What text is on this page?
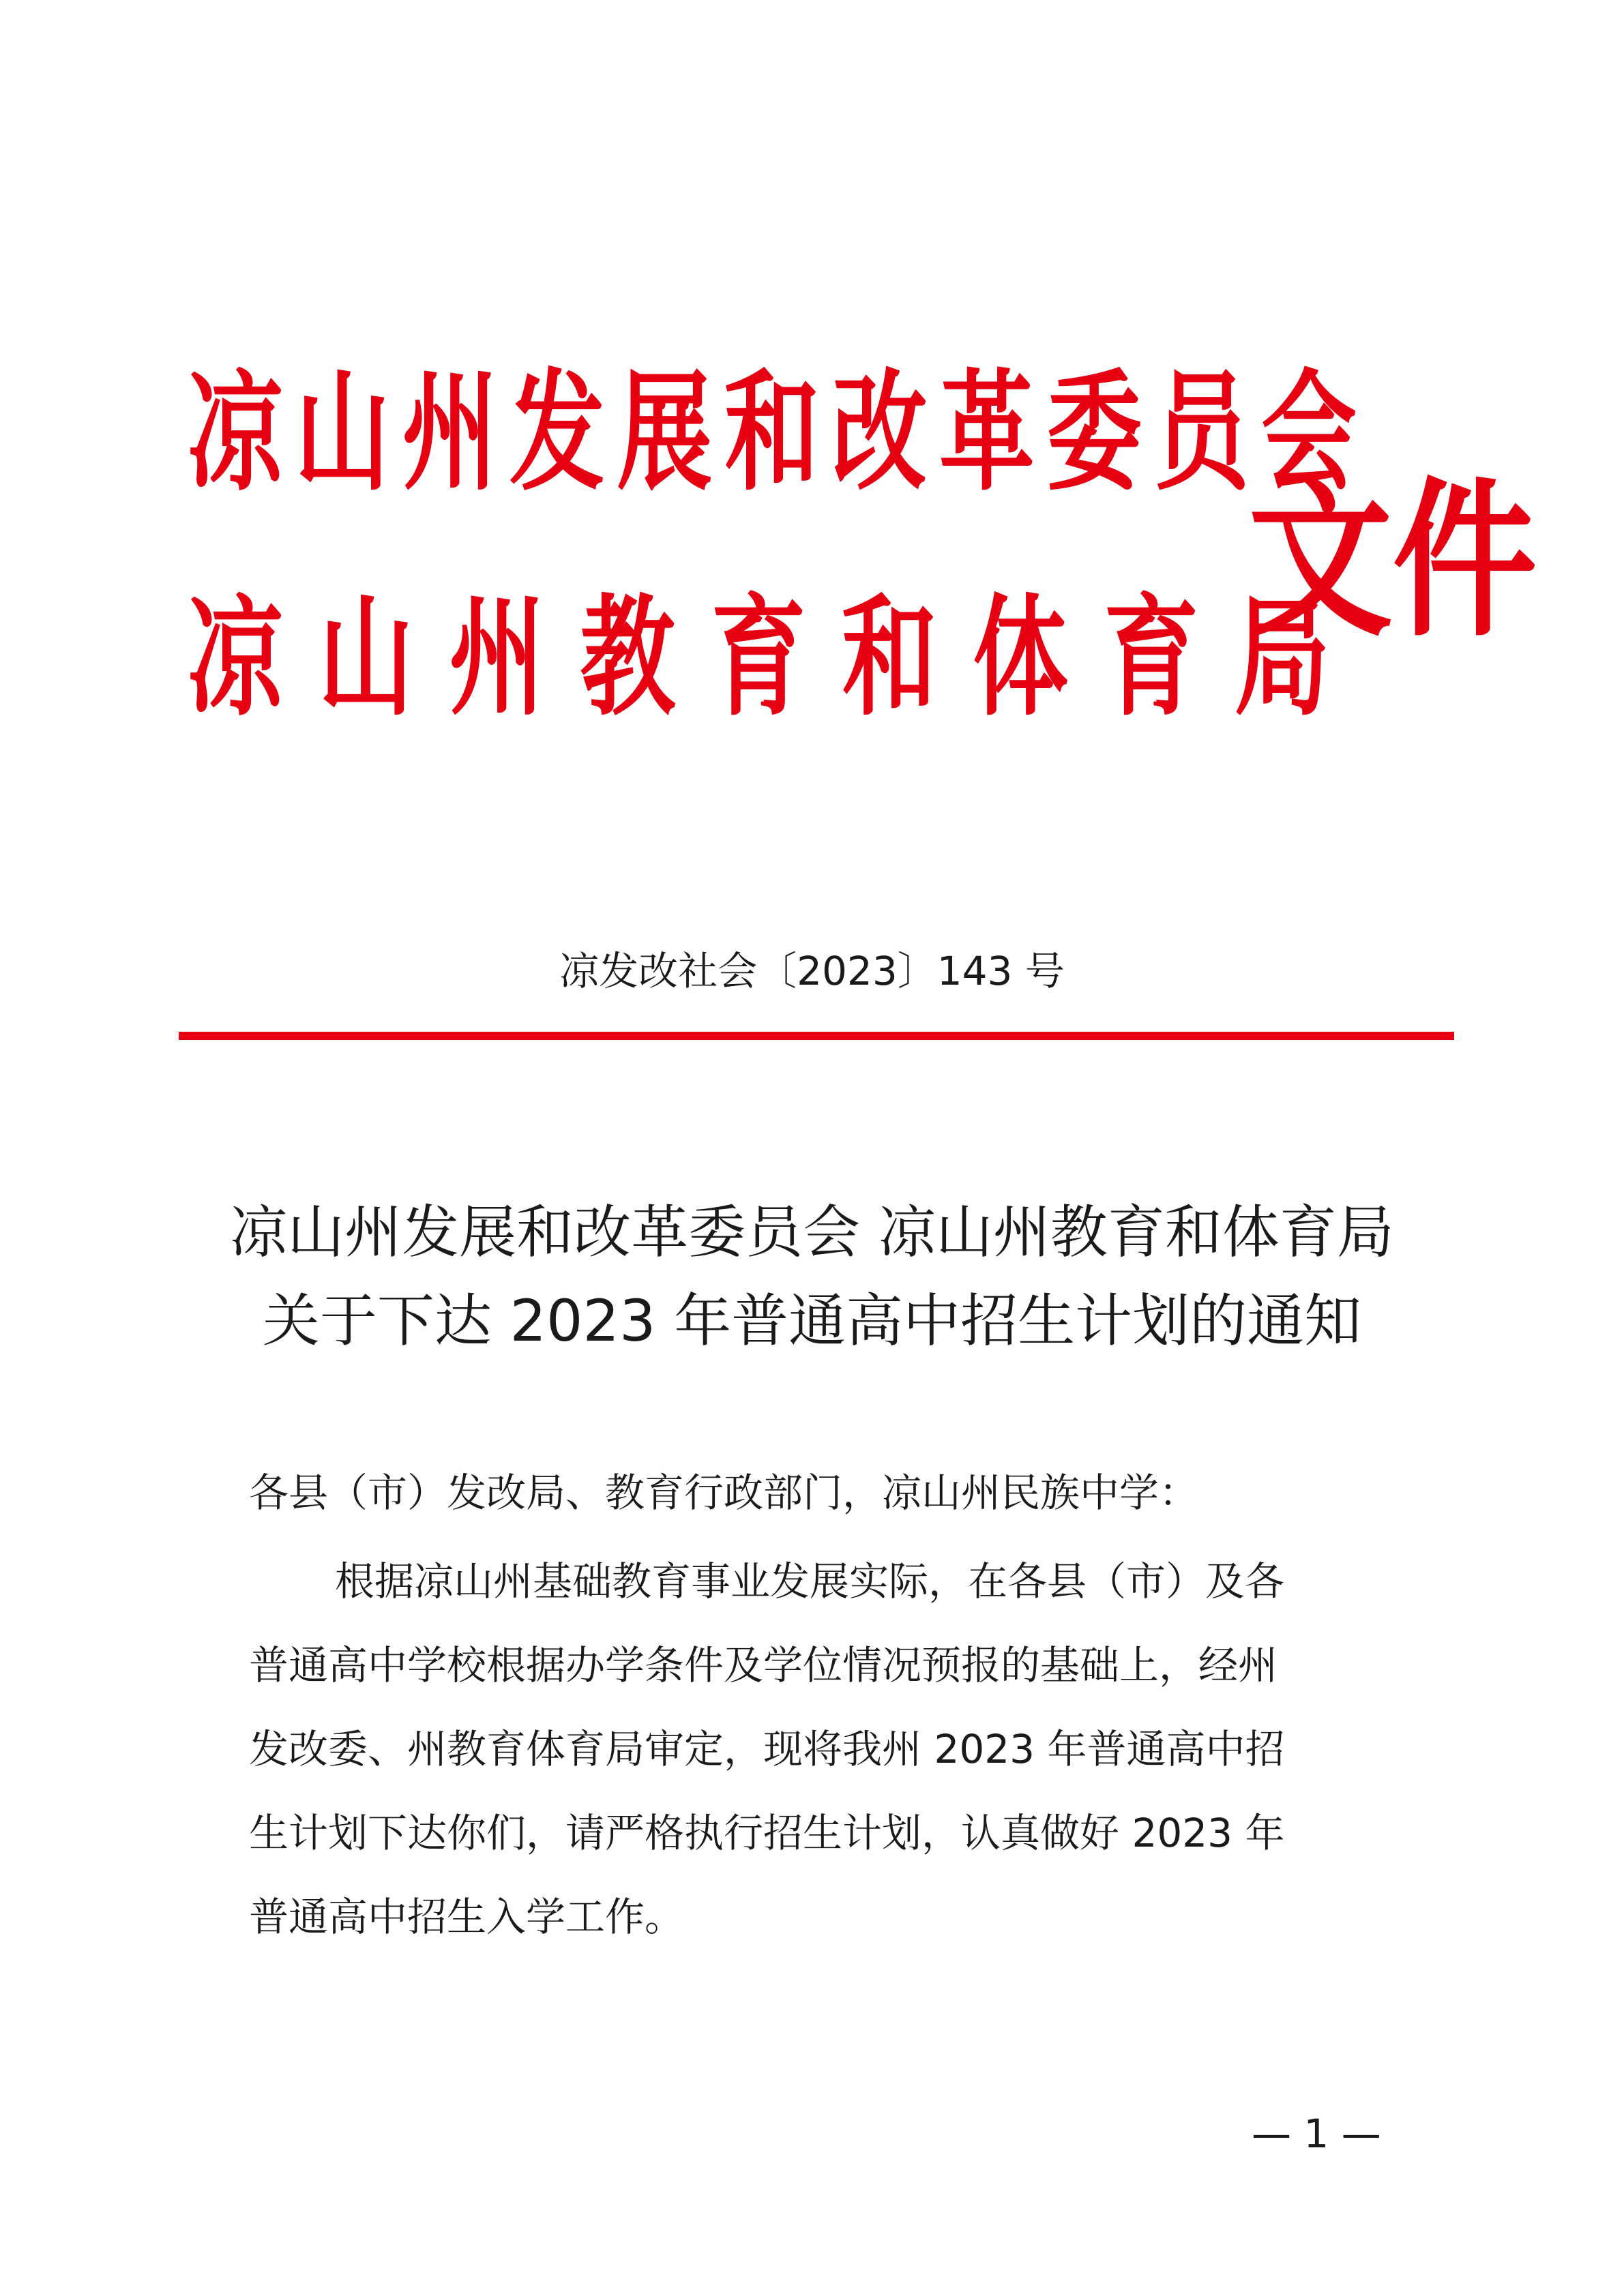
凉山州发展和改革委员会
凉山州教育和体育局
文件
凉发改社会〔2023〕143 号
凉山州发展和改革委员会 凉山州教育和体育局
关于下达 2023 年普通高中招生计划的通知
各县（市）发改局、教育行政部门，凉山州民族中学：
根据凉山州基础教育事业发展实际，在各县（市）及各
普通高中学校根据办学条件及学位情况预报的基础上，经州
发改委、州教育体育局审定，现将我州 2023 年普通高中招
生计划下达你们，请严格执行招生计划，认真做好 2023 年
普通高中招生入学工作。
— 1 —
